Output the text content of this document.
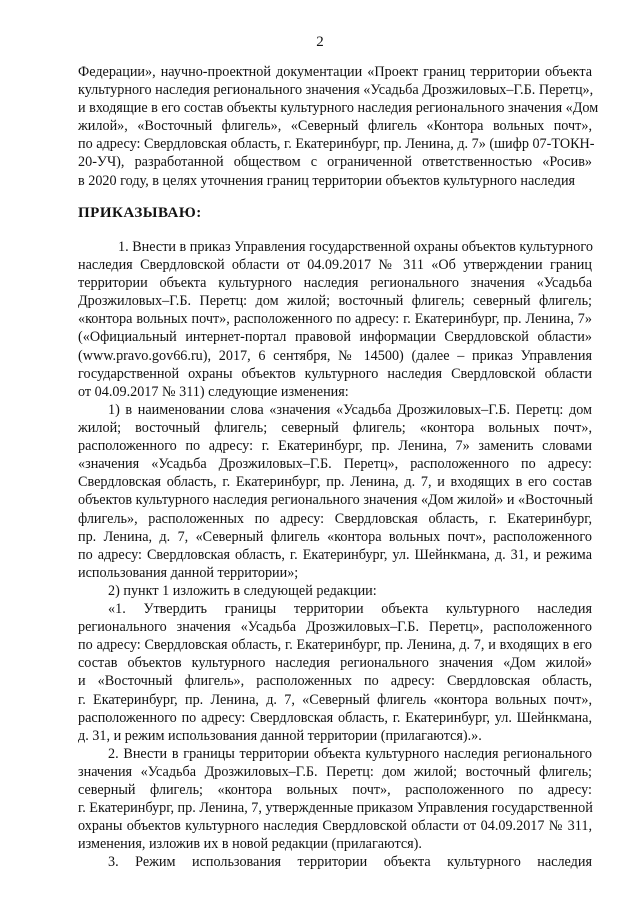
2
Федерации», научно-проектной документации «Проект границ территории объекта
культурного наследия регионального значения «Усадьба Дрозжиловых–Г.Б. Перетц»,
и входящие в его состав объекты культурного наследия регионального значения «Дом
жилой», «Восточный флигель», «Северный флигель «Контора вольных почт»,
по адресу: Свердловская область, г. Екатеринбург, пр. Ленина, д. 7» (шифр 07-ТОКН-
20-УЧ), разработанной обществом с ограниченной ответственностью «Росив»
в 2020 году, в целях уточнения границ территории объектов культурного наследия
ПРИКАЗЫВАЮ:
1. Внести в приказ Управления государственной охраны объектов культурного
наследия Свердловской области от 04.09.2017 № 311 «Об утверждении границ
территории объекта культурного наследия регионального значения «Усадьба
Дрозжиловых–Г.Б. Перетц: дом жилой; восточный флигель; северный флигель;
«контора вольных почт», расположенного по адресу: г. Екатеринбург, пр. Ленина, 7»
(«Официальный интернет-портал правовой информации Свердловской области»
(www.pravo.gov66.ru), 2017, 6 сентября, № 14500) (далее – приказ Управления
государственной охраны объектов культурного наследия Свердловской области
от 04.09.2017 № 311) следующие изменения:
1) в наименовании слова «значения «Усадьба Дрозжиловых–Г.Б. Перетц: дом
жилой; восточный флигель; северный флигель; «контора вольных почт»,
расположенного по адресу: г. Екатеринбург, пр. Ленина, 7» заменить словами
«значения «Усадьба Дрозжиловых–Г.Б. Перетц», расположенного по адресу:
Свердловская область, г. Екатеринбург, пр. Ленина, д. 7, и входящих в его состав
объектов культурного наследия регионального значения «Дом жилой» и «Восточный
флигель», расположенных по адресу: Свердловская область, г. Екатеринбург,
пр. Ленина, д. 7, «Северный флигель «контора вольных почт», расположенного
по адресу: Свердловская область, г. Екатеринбург, ул. Шейнкмана, д. 31, и режима
использования данной территории»;
2) пункт 1 изложить в следующей редакции:
«1. Утвердить границы территории объекта культурного наследия
регионального значения «Усадьба Дрозжиловых–Г.Б. Перетц», расположенного
по адресу: Свердловская область, г. Екатеринбург, пр. Ленина, д. 7, и входящих в его
состав объектов культурного наследия регионального значения «Дом жилой»
и «Восточный флигель», расположенных по адресу: Свердловская область,
г. Екатеринбург, пр. Ленина, д. 7, «Северный флигель «контора вольных почт»,
расположенного по адресу: Свердловская область, г. Екатеринбург, ул. Шейнкмана,
д. 31, и режим использования данной территории (прилагаются).».
2. Внести в границы территории объекта культурного наследия регионального
значения «Усадьба Дрозжиловых–Г.Б. Перетц: дом жилой; восточный флигель;
северный флигель; «контора вольных почт», расположенного по адресу:
г. Екатеринбург, пр. Ленина, 7, утвержденные приказом Управления государственной
охраны объектов культурного наследия Свердловской области от 04.09.2017 № 311,
изменения, изложив их в новой редакции (прилагаются).
3. Режим использования территории объекта культурного наследия
